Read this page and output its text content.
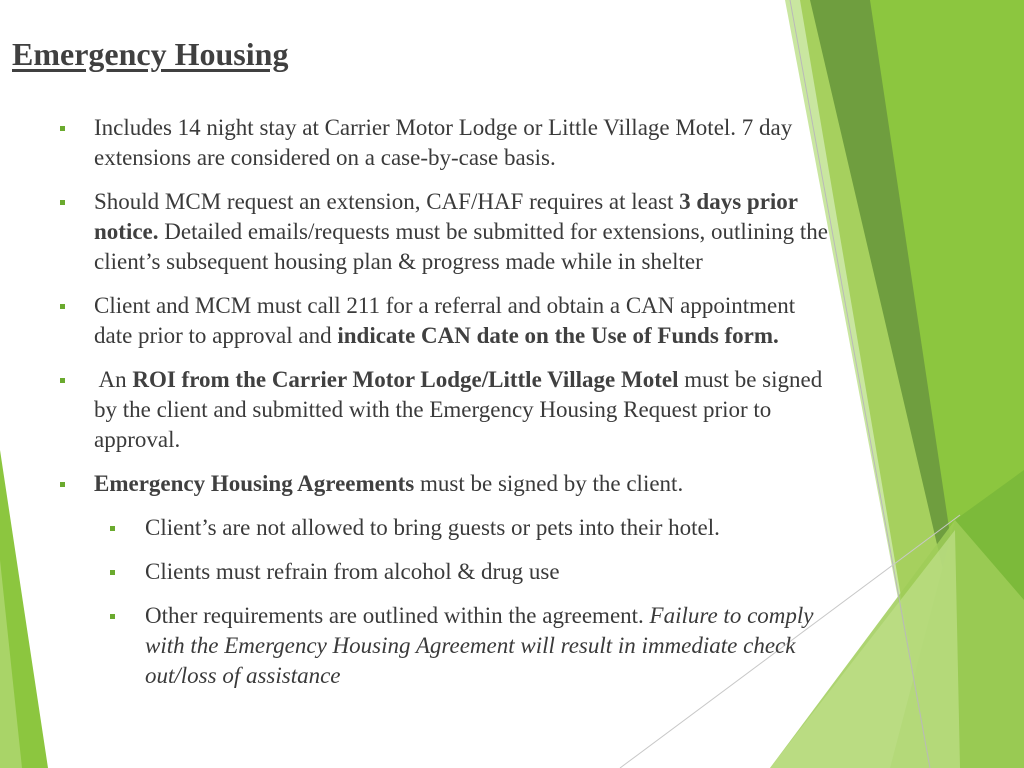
Emergency Housing
Includes 14 night stay at Carrier Motor Lodge or Little Village Motel. 7 day extensions are considered on a case-by-case basis.
Should MCM request an extension, CAF/HAF requires at least 3 days prior notice. Detailed emails/requests must be submitted for extensions, outlining the client’s subsequent housing plan & progress made while in shelter
Client and MCM must call 211 for a referral and obtain a CAN appointment date prior to approval and indicate CAN date on the Use of Funds form.
An ROI from the Carrier Motor Lodge/Little Village Motel must be signed by the client and submitted with the Emergency Housing Request prior to approval.
Emergency Housing Agreements must be signed by the client.
Client’s are not allowed to bring guests or pets into their hotel.
Clients must refrain from alcohol & drug use
Other requirements are outlined within the agreement. Failure to comply with the Emergency Housing Agreement will result in immediate check out/loss of assistance
